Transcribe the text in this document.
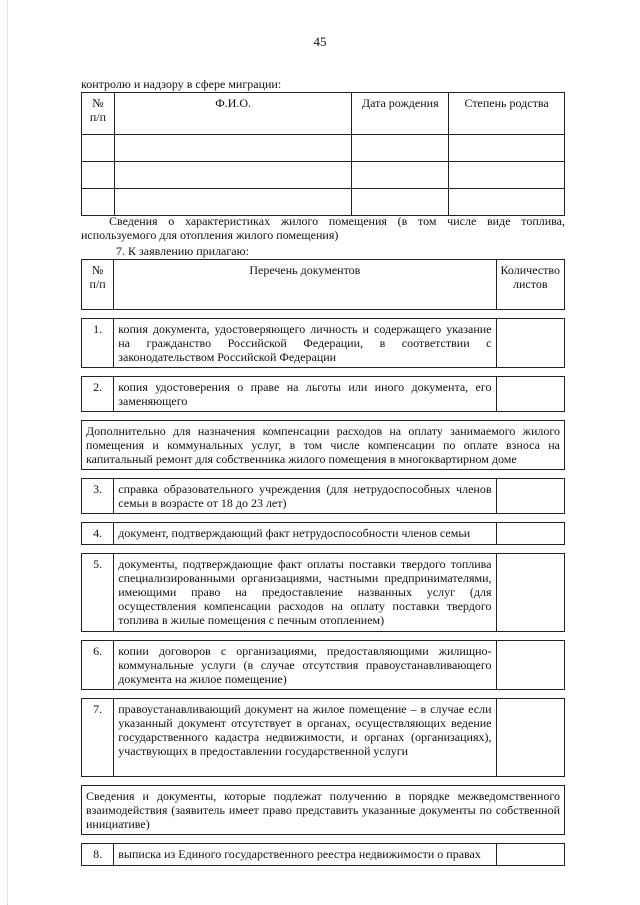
45
контролю и надзору в сфере миграции:
№ п/п	Ф.И.О.	Дата рождения	Степень родства

Сведения о характеристиках жилого помещения (в том числе виде топлива, используемого для отопления жилого помещения)
7. К заявлению прилагаю:
№ п/п	Перечень документов	Количество листов

1.	копия документа, удостоверяющего личность и содержащего указание на гражданство Российской Федерации, в соответствии с законодательством Российской Федерации	

2.	копия удостоверения о праве на льготы или иного документа, его заменяющего	

Дополнительно для назначения компенсации расходов на оплату занимаемого жилого помещения и коммунальных услуг, в том числе компенсации по оплате взноса на капитальный ремонт для собственника жилого помещения в многоквартирном доме		

3.	справка образовательного учреждения (для нетрудоспособных членов семьи в возрасте от 18 до 23 лет)	

4.	документ, подтверждающий факт нетрудоспособности членов семьи	

5.	документы, подтверждающие факт оплаты поставки твердого топлива специализированными организациями, частными предпринимателями, имеющими право на предоставление названных услуг (для осуществления компенсации расходов на оплату поставки твердого топлива в жилые помещения с печным отоплением)	

6.	копии договоров с организациями, предоставляющими жилищно-коммунальные услуги (в случае отсутствия правоустанавливающего документа на жилое помещение)	

7.	правоустанавливающий документ на жилое помещение – в случае если указанный документ отсутствует в органах, осуществляющих ведение государственного кадастра недвижимости, и органах (организациях), участвующих в предоставлении государственной услуги	

Сведения и документы, которые подлежат получению в порядке межведомственного взаимодействия (заявитель имеет право представить указанные документы по собственной инициативе)		

8.	выписка из Единого государственного реестра недвижимости о правах	
